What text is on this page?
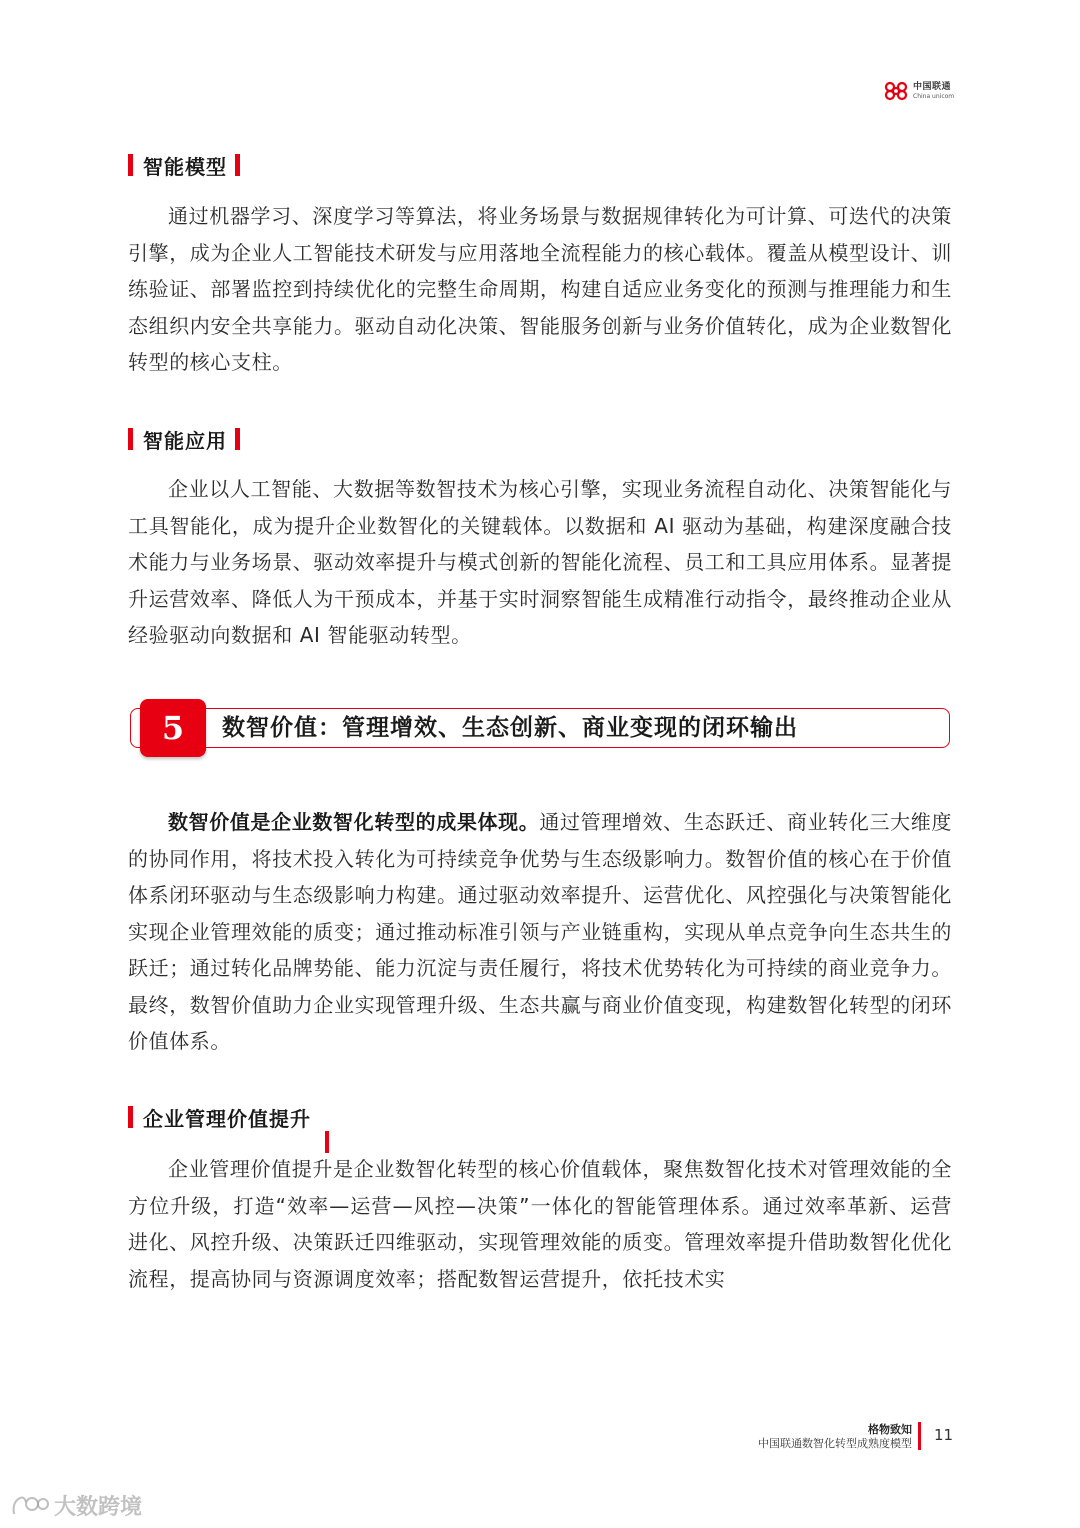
中国联通
China unicom
智能模型

通过机器学习、深度学习等算法，将业务场景与数据规律转化为可计算、可迭代的决策引擎，成为企业人工智能技术研发与应用落地全流程能力的核心载体。覆盖从模型设计、训练验证、部署监控到持续优化的完整生命周期，构建自适应业务变化的预测与推理能力和生态组织内安全共享能力。驱动自动化决策、智能服务创新与业务价值转化，成为企业数智化转型的核心支柱。

智能应用

企业以人工智能、大数据等数智技术为核心引擎，实现业务流程自动化、决策智能化与工具智能化，成为提升企业数智化的关键载体。以数据和 AI 驱动为基础，构建深度融合技术能力与业务场景、驱动效率提升与模式创新的智能化流程、员工和工具应用体系。显著提升运营效率、降低人为干预成本，并基于实时洞察智能生成精准行动指令，最终推动企业从经验驱动向数据和 AI 智能驱动转型。

5	数智价值：管理增效、生态创新、商业变现的闭环输出

数智价值是企业数智化转型的成果体现。通过管理增效、生态跃迁、商业转化三大维度的协同作用，将技术投入转化为可持续竞争优势与生态级影响力。数智价值的核心在于价值体系闭环驱动与生态级影响力构建。通过驱动效率提升、运营优化、风控强化与决策智能化实现企业管理效能的质变；通过推动标准引领与产业链重构，实现从单点竞争向生态共生的跃迁；通过转化品牌势能、能力沉淀与责任履行，将技术优势转化为可持续的商业竞争力。最终，数智价值助力企业实现管理升级、生态共赢与商业价值变现，构建数智化转型的闭环价值体系。

企业管理价值提升

企业管理价值提升是企业数智化转型的核心价值载体，聚焦数智化技术对管理效能的全方位升级，打造“效率—运营—风控—决策”一体化的智能管理体系。通过效率革新、运营进化、风控升级、决策跃迁四维驱动，实现管理效能的质变。管理效率提升借助数智化优化流程，提高协同与资源调度效率；搭配数智运营提升，依托技术实

格物致知
中国联通数智化转型成熟度模型 11
大数跨境
